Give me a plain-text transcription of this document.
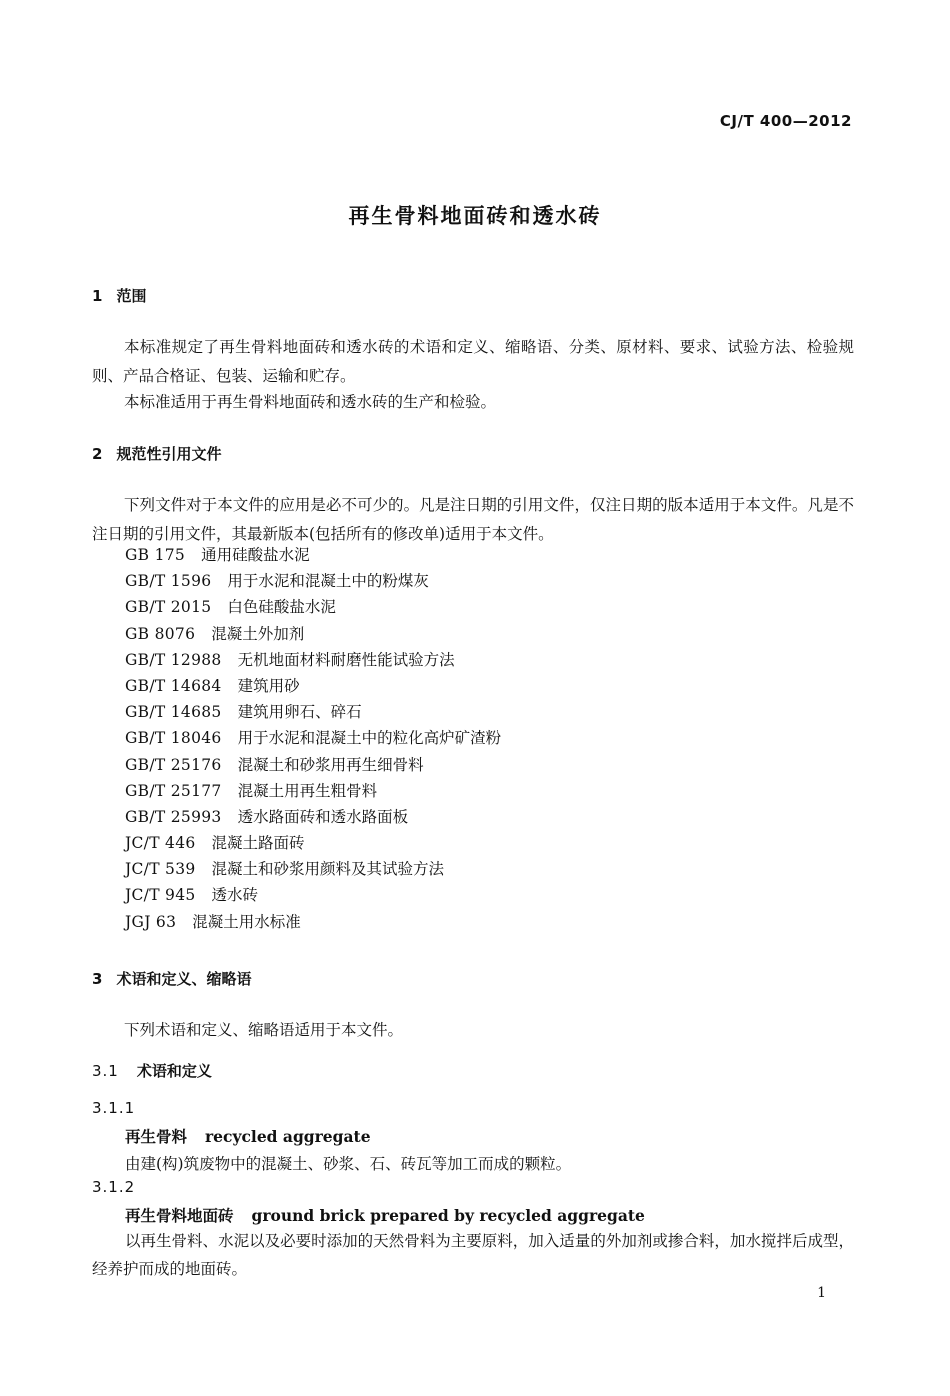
CJ/T 400—2012
再生骨料地面砖和透水砖
1 范围
本标准规定了再生骨料地面砖和透水砖的术语和定义、缩略语、分类、原材料、要求、试验方法、检验规则、产品合格证、包装、运输和贮存。
本标准适用于再生骨料地面砖和透水砖的生产和检验。
2 规范性引用文件
下列文件对于本文件的应用是必不可少的。凡是注日期的引用文件，仅注日期的版本适用于本文件。凡是不注日期的引用文件，其最新版本(包括所有的修改单)适用于本文件。
GB 175 通用硅酸盐水泥
GB/T 1596 用于水泥和混凝土中的粉煤灰
GB/T 2015 白色硅酸盐水泥
GB 8076 混凝土外加剂
GB/T 12988 无机地面材料耐磨性能试验方法
GB/T 14684 建筑用砂
GB/T 14685 建筑用卵石、碎石
GB/T 18046 用于水泥和混凝土中的粒化高炉矿渣粉
GB/T 25176 混凝土和砂浆用再生细骨料
GB/T 25177 混凝土用再生粗骨料
GB/T 25993 透水路面砖和透水路面板
JC/T 446 混凝土路面砖
JC/T 539 混凝土和砂浆用颜料及其试验方法
JC/T 945 透水砖
JGJ 63 混凝土用水标准
3 术语和定义、缩略语
下列术语和定义、缩略语适用于本文件。
3.1 术语和定义
3.1.1
再生骨料 recycled aggregate
由建(构)筑废物中的混凝土、砂浆、石、砖瓦等加工而成的颗粒。
3.1.2
再生骨料地面砖 ground brick prepared by recycled aggregate
以再生骨料、水泥以及必要时添加的天然骨料为主要原料，加入适量的外加剂或掺合料，加水搅拌后成型，经养护而成的地面砖。
1
